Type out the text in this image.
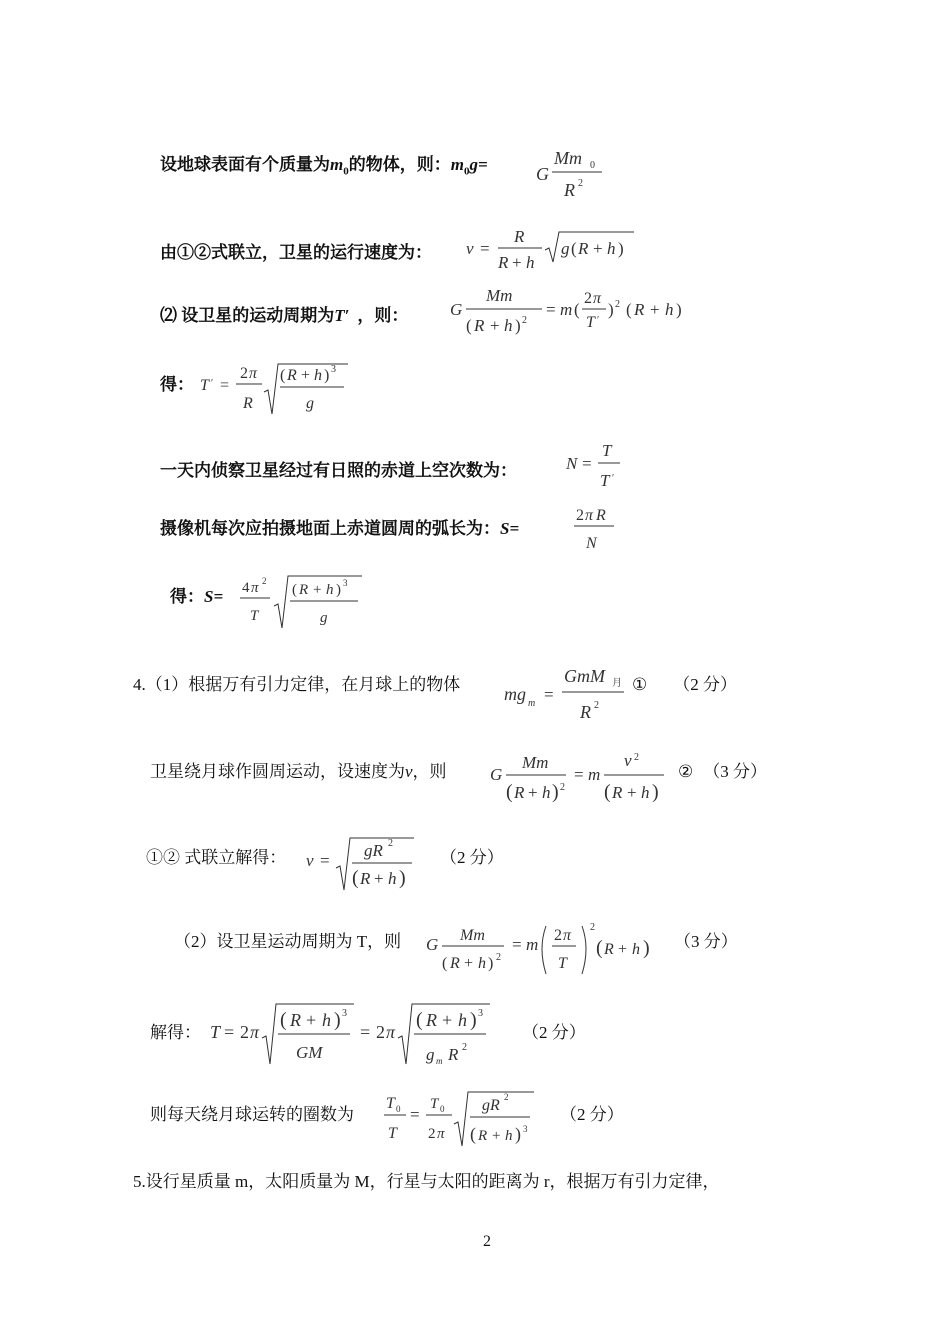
设地球表面有个质量为$m_0$的物体，则：$m_0g=$	G
Mm 0
R 2
由①②式联立，卫星的运行速度为： v =
R
R + h
g ( R + h )
⑵ 设卫星的运动周期为T′ ，则： G
Mm
( R + h ) 2
= m (
2 π
T ′
) 2 ( R + h )
得： T ′ =
2 π
R
( R + h ) 3
g
一天内侦察卫星经过有日照的赤道上空次数为：	N =
T
T ′
摄像机每次应拍摄地面上赤道圆周的弧长为：S=
2 π R
N
得：S= 4 π 2
T
( R + h ) 3
g
4.（1）根据万有引力定律，在月球上的物体 mg m =
GmM 月
R 2
① （2 分）
卫星绕月球作圆周运动，设速度为v，则	G
Mm
( R + h ) 2
= m
v 2
( R + h )
② （3 分）
①② 式联立解得： v =
gR 2
( R + h )
（2 分）
（2）设卫星运动周期为 T，则 G Mm
( R + h ) 2
= m 2 π
T
2
( R + h ) （3 分）
解得： T = 2 π
( R + h ) 3
GM
= 2 π
( R + h ) 3
g m R 2
（2 分）
则每天绕月球运转的圈数为
T 0
T
=
T 0
2 π
gR 2
( R + h ) 3
（2 分）
5.设行星质量 m，太阳质量为 M，行星与太阳的距离为 r，根据万有引力定律，
2
